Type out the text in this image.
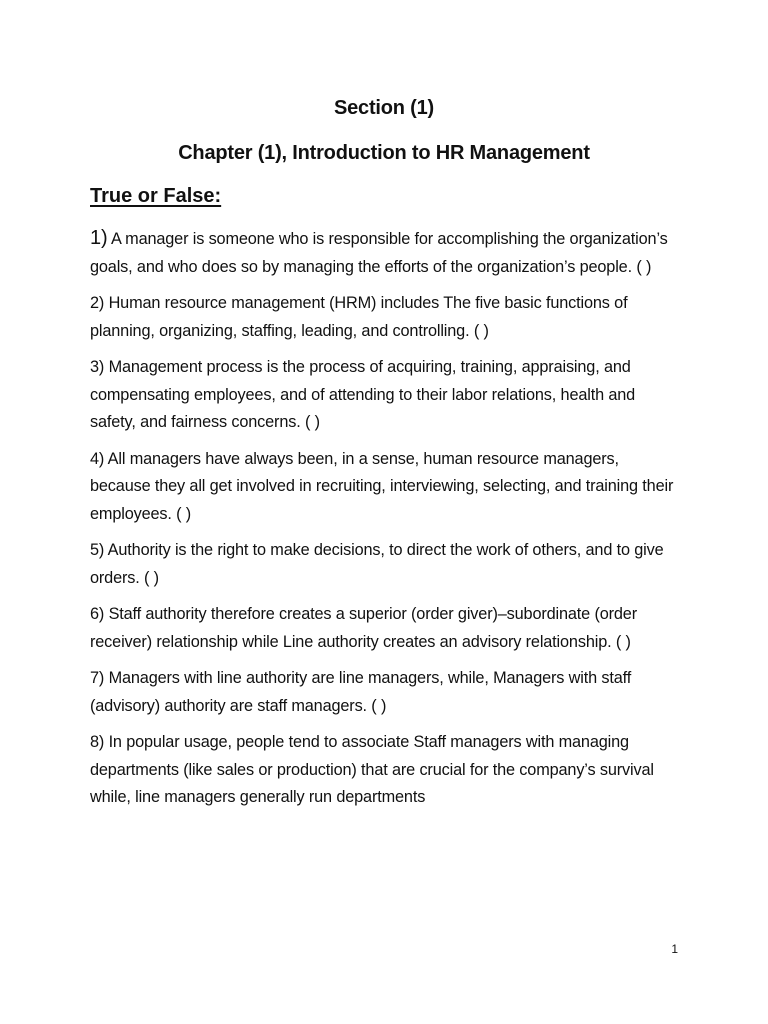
Section (1)
Chapter (1), Introduction to HR Management
True or False:

1) A manager is someone who is responsible for accomplishing the organization’s goals, and who does so by managing the efforts of the organization’s people. ( )

2) Human resource management (HRM) includes The five basic functions of planning, organizing, staffing, leading, and controlling. ( )

3) Management process is the process of acquiring, training, appraising, and compensating employees, and of attending to their labor relations, health and safety, and fairness concerns. ( )

4) All managers have always been, in a sense, human resource managers, because they all get involved in recruiting, interviewing, selecting, and training their employees. ( )

5) Authority is the right to make decisions, to direct the work of others, and to give orders. ( )

6) Staff authority therefore creates a superior (order giver)–subordinate (order receiver) relationship while Line authority creates an advisory relationship. ( )

7) Managers with line authority are line managers, while, Managers with staff (advisory) authority are staff managers. ( )

8) In popular usage, people tend to associate Staff managers with managing departments (like sales or production) that are crucial for the company’s survival while, line managers generally run departments

1
